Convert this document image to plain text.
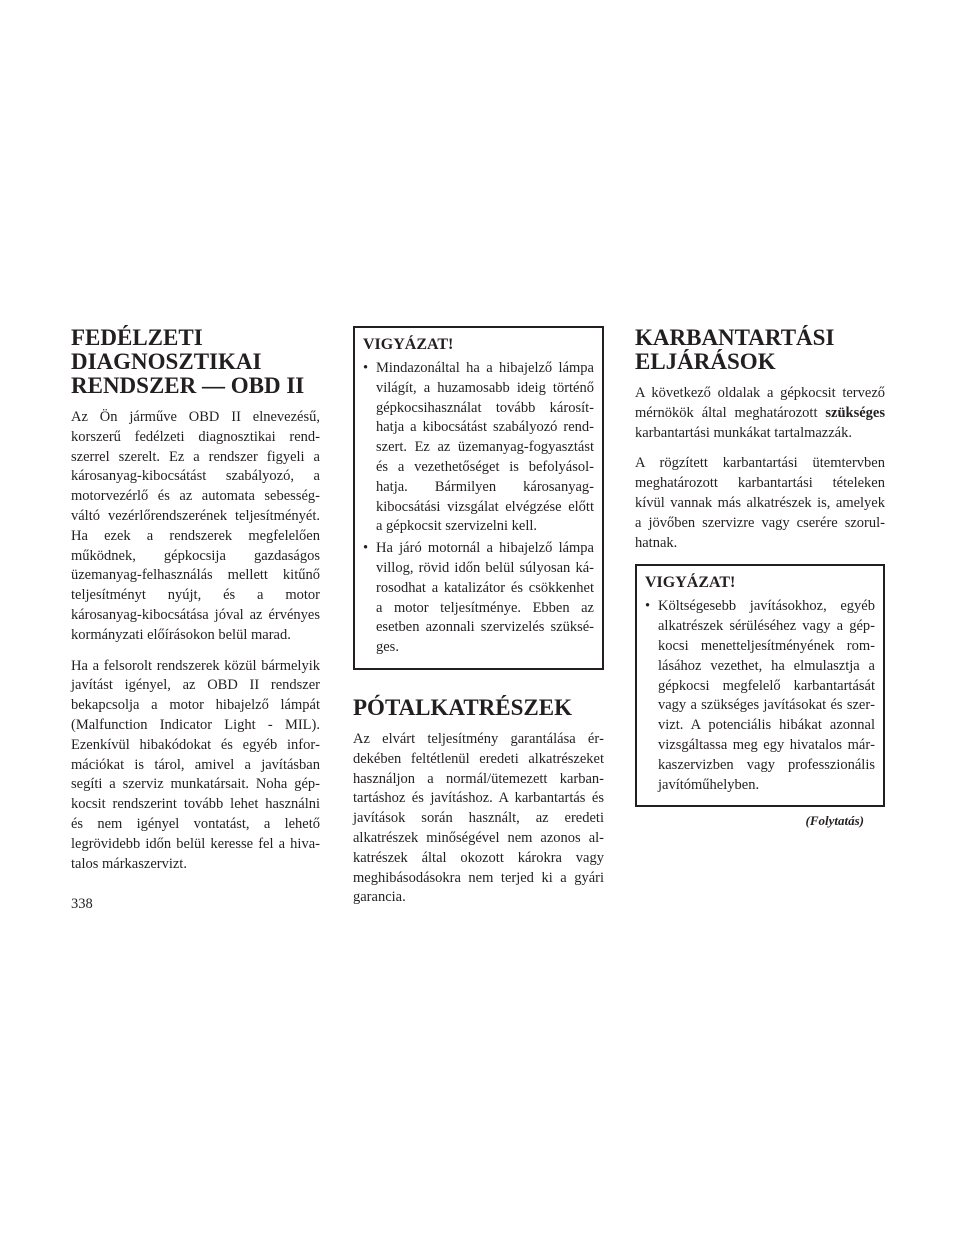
FEDÉLZETI DIAGNOSZTIKAI RENDSZER — OBD II

Az Ön járműve OBD II elnevezésű, korszerű fedélzeti diagnosztikai rendszerrel szerelt. Ez a rendszer figyeli a károsanyag-kibocsátást szabályozó, a motorvezérlő és az automata sebességváltó vezérlőrendszerének teljesítményét. Ha ezek a rendszerek megfelelően működnek, gépkocsija gazdaságos üzemanyag-felhasználás mellett kitűnő teljesítményt nyújt, és a motor károsanyag-kibocsátása jóval az érvényes kormányzati előírásokon belül marad.

Ha a felsorolt rendszerek közül bármelyik javítást igényel, az OBD II rendszer bekapcsolja a motor hibajelző lámpát (Malfunction Indicator Light - MIL). Ezenkívül hibakódokat és egyéb információkat is tárol, amivel a javításban segíti a szerviz munkatársait. Noha gépkocsit rendszerint tovább lehet használni és nem igényel vontatást, a lehető legrövidebb időn belül keresse fel a hivatalos márkaszervizt.

VIGYÁZAT!
• Mindazonáltal ha a hibajelző lámpa világít, a huzamosabb ideig történő gépkocsihasználat tovább károsíthatja a kibocsátást szabályozó rendszert. Ez az üzemanyag-fogyasztást és a vezethetőséget is befolyásolhatja. Bármilyen károsanyag-kibocsátási vizsgálat elvégzése előtt a gépkocsit szervizelni kell.
• Ha járó motornál a hibajelző lámpa villog, rövid időn belül súlyosan károsodhat a katalizátor és csökkenhet a motor teljesítménye. Ebben az esetben azonnali szervizelés szükséges.
PÓTALKATRÉSZEK

Az elvárt teljesítmény garantálása érdekében feltétlenül eredeti alkatrészeket használjon a normál/ütemezett karbantartáshoz és javításhoz. A karbantartás és javítások során használt, az eredeti alkatrészek minőségével nem azonos alkatrészek által okozott károkra vagy meghibásodásokra nem terjed ki a gyári garancia.

KARBANTARTÁSI ELJÁRÁSOK

A következő oldalak a gépkocsit tervező mérnökök által meghatározott szükséges karbantartási munkákat tartalmazzák.

A rögzített karbantartási ütemtervben meghatározott karbantartási tételeken kívül vannak más alkatrészek is, amelyek a jövőben szervizre vagy cserére szorulhatnak.

VIGYÁZAT!
• Költségesebb javításokhoz, egyéb alkatrészek sérüléséhez vagy a gépkocsi menetteljesítményének romlásához vezethet, ha elmulasztja a gépkocsi megfelelő karbantartását vagy a szükséges javításokat és szervizt. A potenciális hibákat azonnal vizsgáltassa meg egy hivatalos márkaszervizben vagy professzionális javítóműhelyben.
(Folytatás)
338
